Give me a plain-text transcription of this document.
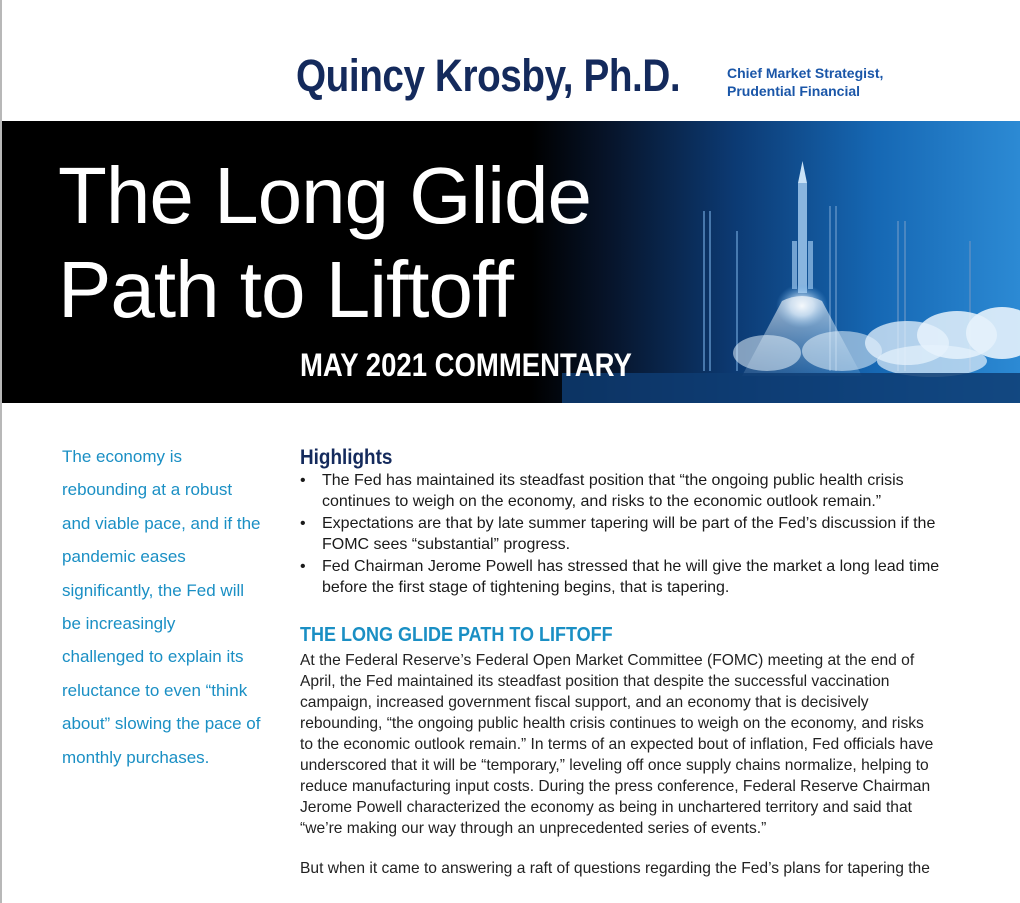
Quincy Krosby, Ph.D.	Chief Market Strategist,
Prudential Financial
The Long Glide
Path to Liftoff
MAY 2021 COMMENTARY
The economy is rebounding at a robust and viable pace, and if the pandemic eases significantly, the Fed will be increasingly challenged to explain its reluctance to even “think about” slowing the pace of monthly purchases.
Highlights
• The Fed has maintained its steadfast position that “the ongoing public health crisis continues to weigh on the economy, and risks to the economic outlook remain.”
• Expectations are that by late summer tapering will be part of the Fed’s discussion if the FOMC sees “substantial” progress.
• Fed Chairman Jerome Powell has stressed that he will give the market a long lead time before the first stage of tightening begins, that is tapering.
THE LONG GLIDE PATH TO LIFTOFF

At the Federal Reserve’s Federal Open Market Committee (FOMC) meeting at the end of April, the Fed maintained its steadfast position that despite the successful vaccination campaign, increased government fiscal support, and an economy that is decisively rebounding, “the ongoing public health crisis continues to weigh on the economy, and risks to the economic outlook remain.” In terms of an expected bout of inflation, Fed officials have underscored that it will be “temporary,” leveling off once supply chains normalize, helping to reduce manufacturing input costs. During the press conference, Federal Reserve Chairman Jerome Powell characterized the economy as being in unchartered territory and said that “we’re making our way through an unprecedented series of events.”

But when it came to answering a raft of questions regarding the Fed’s plans for tapering the
